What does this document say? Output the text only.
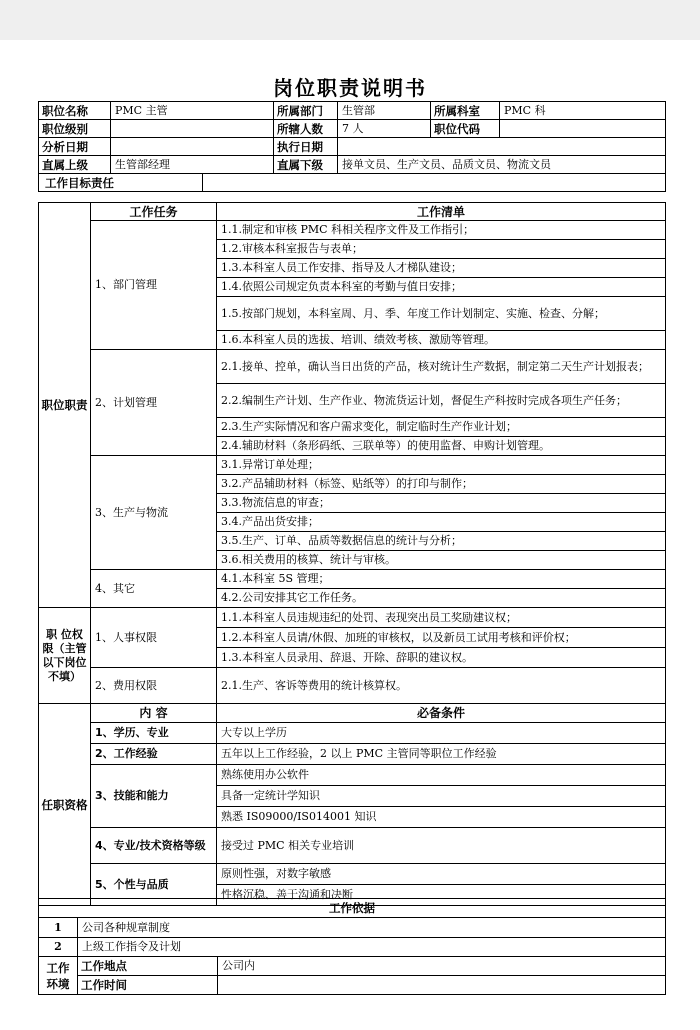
岗位职责说明书
职位名称	PMC 主管		所属部门	生管部	所属科室	PMC 科
职位级别			所辖人数	7 人	职位代码	
分析日期			执行日期			
直属上级	生管部经理		直属下级	接单文员、生产文员、品质文员、物流文员		
工作目标责任						
职位职责	工作任务	工作清单
	1、部门管理	1.1.制定和审核 PMC 科相关程序文件及工作指引；
		1.2.审核本科室报告与表单；
		1.3.本科室人员工作安排、指导及人才梯队建设；
		1.4.依照公司规定负责本科室的考勤与值日安排；
		1.5.按部门规划，本科室周、月、季、年度工作计划制定、实施、检查、分解；
		1.6.本科室人员的选拔、培训、绩效考核、激励等管理。
	2、计划管理	2.1.接单、控单，确认当日出货的产品，核对统计生产数据，制定第二天生产计划报表；
		2.2.编制生产计划、生产作业、物流货运计划，督促生产科按时完成各项生产任务；
		2.3.生产实际情况和客户需求变化，制定临时生产作业计划；
		2.4.辅助材料（条形码纸、三联单等）的使用监督、申购计划管理。
	3、生产与物流	3.1.异常订单处理；
		3.2.产品辅助材料（标签、贴纸等）的打印与制作；
		3.3.物流信息的审查；
		3.4.产品出货安排；
		3.5.生产、订单、品质等数据信息的统计与分析；
		3.6.相关费用的核算、统计与审核。
	4、其它	4.1.本科室 5S 管理；
		4.2.公司安排其它工作任务。
职 位权限（主管以下岗位 不填）	1、人事权限	1.1.本科室人员违规违纪的处罚、表现突出员工奖励建议权；
		1.2.本科室人员请/休假、加班的审核权，以及新员工试用考核和评价权；
		1.3.本科室人员录用、辞退、开除、辞职的建议权。
	2、费用权限	2.1.生产、客诉等费用的统计核算权。
任职资格	内 容	必备条件
	1、学历、专业	大专以上学历
	2、工作经验	五年以上工作经验，2 以上 PMC 主管同等职位工作经验
	3、技能和能力	熟练使用办公软件
		具备一定统计学知识
		熟悉 IS09000/IS014001 知识
	4、专业/技术资格等级	接受过 PMC 相关专业培训
	5、个性与品质	原则性强，对数字敏感
		性格沉稳、善于沟通和决断
工作依据		
1	公司各种规章制度	
2	上级工作指令及计划	
工作环境	工作地点	公司内
	工作时间	
